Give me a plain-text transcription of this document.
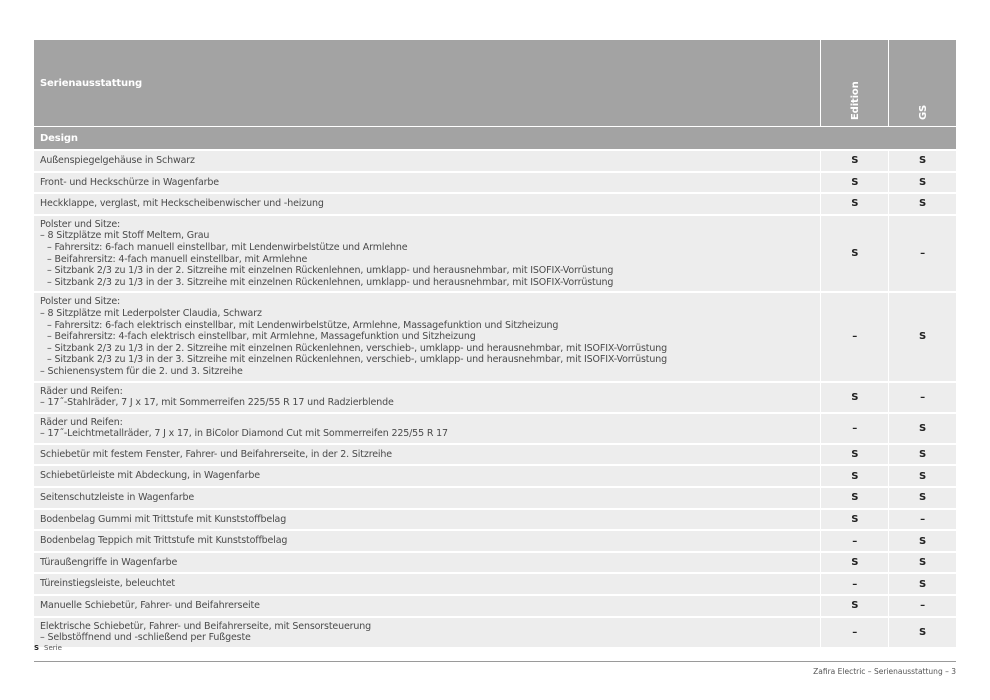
Serienausstattung	Edition	GS
Design
Außenspiegelgehäuse in Schwarz	S	S
Front- und Heckschürze in Wagenfarbe	S	S
Heckklappe, verglast, mit Heckscheibenwischer und -heizung	S	S
Polster und Sitze:
– 8 Sitzplätze mit Stoff Meltem, Grau
– Fahrersitz: 6-fach manuell einstellbar, mit Lendenwirbelstütze und Armlehne
– Beifahrersitz: 4-fach manuell einstellbar, mit Armlehne
– Sitzbank 2/3 zu 1/3 in der 2. Sitzreihe mit einzelnen Rückenlehnen, umklapp- und herausnehmbar, mit ISOFIX-Vorrüstung
– Sitzbank 2/3 zu 1/3 in der 3. Sitzreihe mit einzelnen Rückenlehnen, umklapp- und herausnehmbar, mit ISOFIX-Vorrüstung
S	–
Polster und Sitze:
– 8 Sitzplätze mit Lederpolster Claudia, Schwarz
– Fahrersitz: 6-fach elektrisch einstellbar, mit Lendenwirbelstütze, Armlehne, Massagefunktion und Sitzheizung
– Beifahrersitz: 4-fach elektrisch einstellbar, mit Armlehne, Massagefunktion und Sitzheizung
– Sitzbank 2/3 zu 1/3 in der 2. Sitzreihe mit einzelnen Rückenlehnen, verschieb-, umklapp- und herausnehmbar, mit ISOFIX-Vorrüstung
– Sitzbank 2/3 zu 1/3 in der 3. Sitzreihe mit einzelnen Rückenlehnen, verschieb-, umklapp- und herausnehmbar, mit ISOFIX-Vorrüstung
– Schienensystem für die 2. und 3. Sitzreihe
–	S
Räder und Reifen:
– 17˝-Stahlräder, 7 J x 17, mit Sommerreifen 225/55 R 17 und Radzierblende	S	–
Räder und Reifen:
– 17˝-Leichtmetallräder, 7 J x 17, in BiColor Diamond Cut mit Sommerreifen 225/55 R 17	–	S
Schiebetür mit festem Fenster, Fahrer- und Beifahrerseite, in der 2. Sitzreihe	S	S
Schiebetürleiste mit Abdeckung, in Wagenfarbe	S	S
Seitenschutzleiste in Wagenfarbe	S	S
Bodenbelag Gummi mit Trittstufe mit Kunststoffbelag	S	–
Bodenbelag Teppich mit Trittstufe mit Kunststoffbelag	–	S
Türaußengriffe in Wagenfarbe	S	S
Türeinstiegsleiste, beleuchtet	–	S
Manuelle Schiebetür, Fahrer- und Beifahrerseite	S	–
Elektrische Schiebetür, Fahrer- und Beifahrerseite, mit Sensorsteuerung
– Selbstöffnend und -schließend per Fußgeste	–	S
S Serie
Zafira Electric – Serienausstattung – 3
